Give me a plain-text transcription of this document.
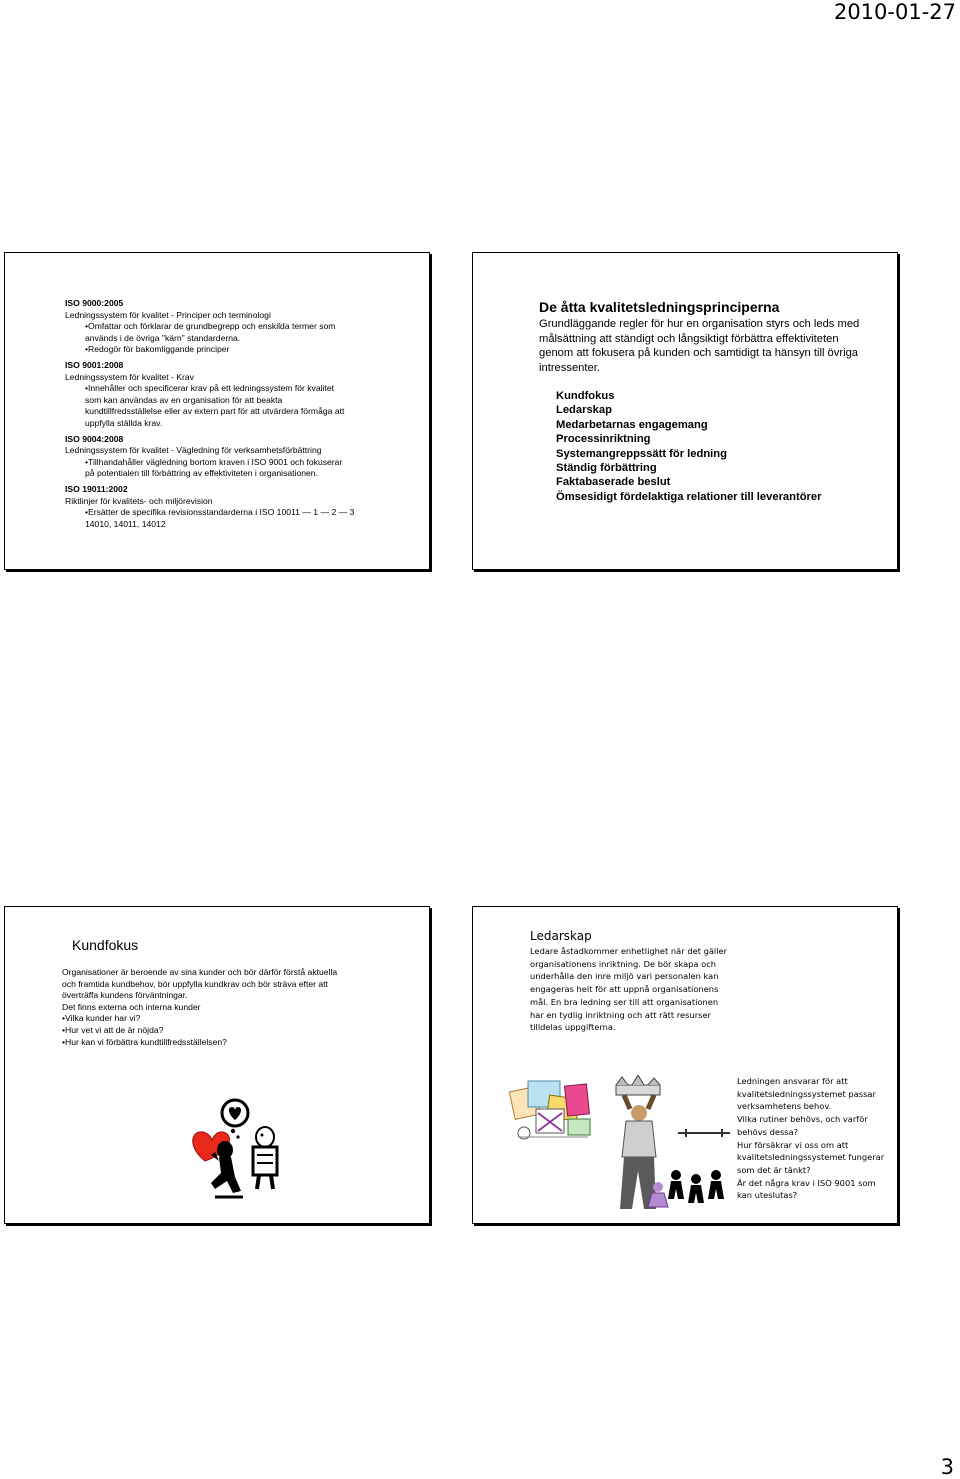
2010-01-27
ISO 9000:2005
Ledningssystem för kvalitet - Principer och terminologi
•Omfattar och förklarar de grundbegrepp och enskilda termer som
används i de övriga "kärn" standarderna.
•Redogör för bakomliggande principer
ISO 9001:2008
Ledningssystem för kvalitet - Krav
•Innehåller och specificerar krav på ett ledningssystem för kvalitet
som kan användas av en organisation för att beakta
kundtillfredsställelse eller av extern part för att utvärdera förmåga att
uppfylla ställda krav.
ISO 9004:2008
Ledningssystem för kvalitet - Vägledning för verksamhetsförbättring
•Tillhandahåller vägledning bortom kraven i ISO 9001 och fokuserar
på potentialen till förbättring av effektiviteten i organisationen.
ISO 19011:2002
Riktlinjer för kvalitets- och miljörevision
•Ersätter de specifika revisionsstandarderna i ISO 10011 — 1 — 2 — 3
14010, 14011, 14012
De åtta kvalitetsledningsprinciperna
Grundläggande regler för hur en organisation styrs och leds med målsättning att ständigt och långsiktigt förbättra effektiviteten genom att fokusera på kunden och samtidigt ta hänsyn till övriga intressenter.
Kundfokus
Ledarskap
Medarbetarnas engagemang
Processinriktning
Systemangreppssätt för ledning
Ständig förbättring
Faktabaserade beslut
Ömsesidigt fördelaktiga relationer till leverantörer
Kundfokus
Organisationer är beroende av sina kunder och bör därför förstå aktuella
och framtida kundbehov, bör uppfylla kundkrav och bör sträva efter att
överträffa kundens förväntningar.
Det finns externa och interna kunder
•Vilka kunder har vi?
•Hur vet vi att de är nöjda?
•Hur kan vi förbättra kundtillfredsställelsen?
Ledarskap
Ledare åstadkommer enhetlighet när det gäller
organisationens inriktning. De bör skapa och
underhålla den inre miljö vari personalen kan
engageras helt för att uppnå organisationens
mål. En bra ledning ser till att organisationen
har en tydlig inriktning och att rätt resurser
tilldelas uppgifterna.
Ledningen ansvarar för att
kvalitetsledningssystemet passar
verksamhetens behov.
Vilka rutiner behövs, och varför
behövs dessa?
Hur försäkrar vi oss om att
kvalitetsledningssystemet fungerar
som det är tänkt?
Är det några krav i ISO 9001 som
kan uteslutas?
3
